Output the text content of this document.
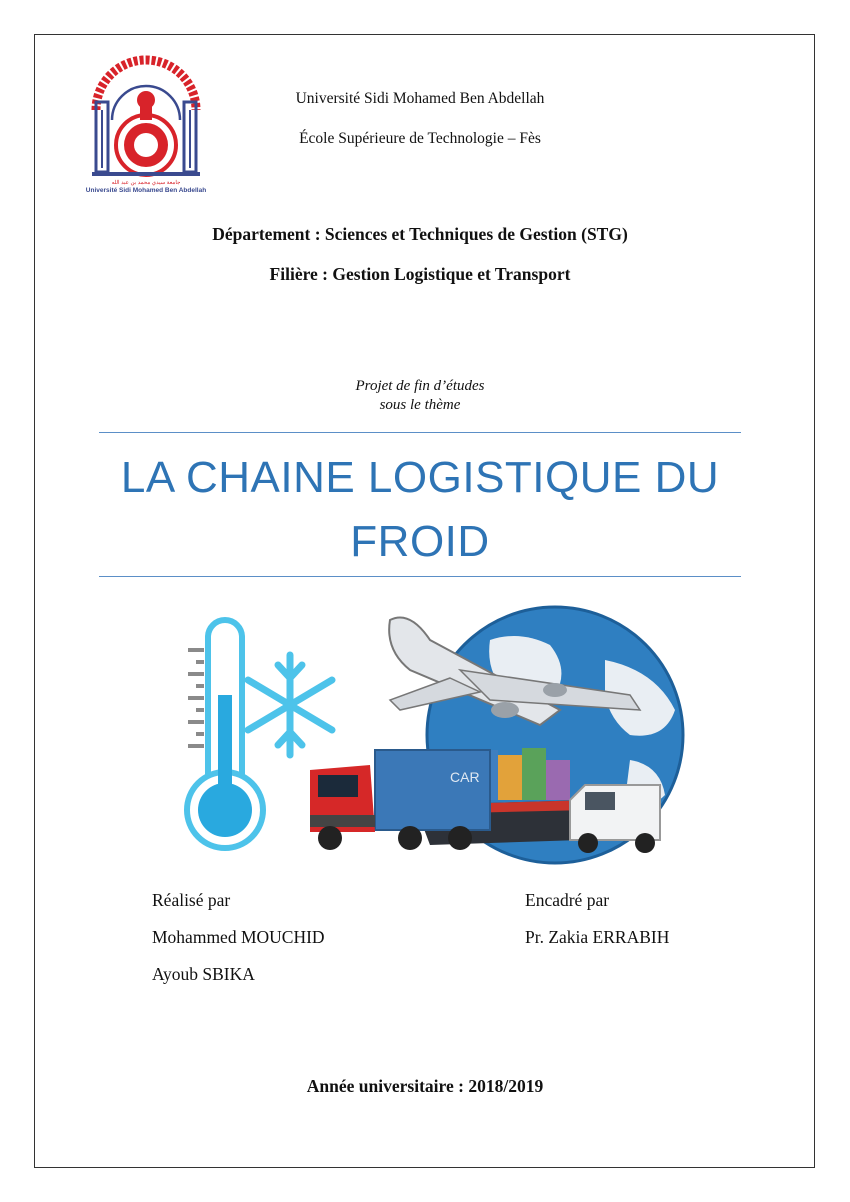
ﺟﺎﻣﻌﺔ ﺳﻴﺪﻱ ﻣﺤﻤﺪ ﺑﻦ ﻋﺒﺪ ﺍﻟﻠﻪ
Université Sidi Mohamed Ben Abdellah
Université Sidi Mohamed Ben Abdellah
École Supérieure de Technologie – Fès
Département : Sciences et Techniques de Gestion (STG)
Filière : Gestion Logistique et Transport
Projet de fin d’études
sous le thème
LA CHAINE LOGISTIQUE DU
FROID
CAR
Réalisé par
Mohammed MOUCHID
Ayoub SBIKA
Encadré par
Pr. Zakia ERRABIH
Année universitaire : 2018/2019
